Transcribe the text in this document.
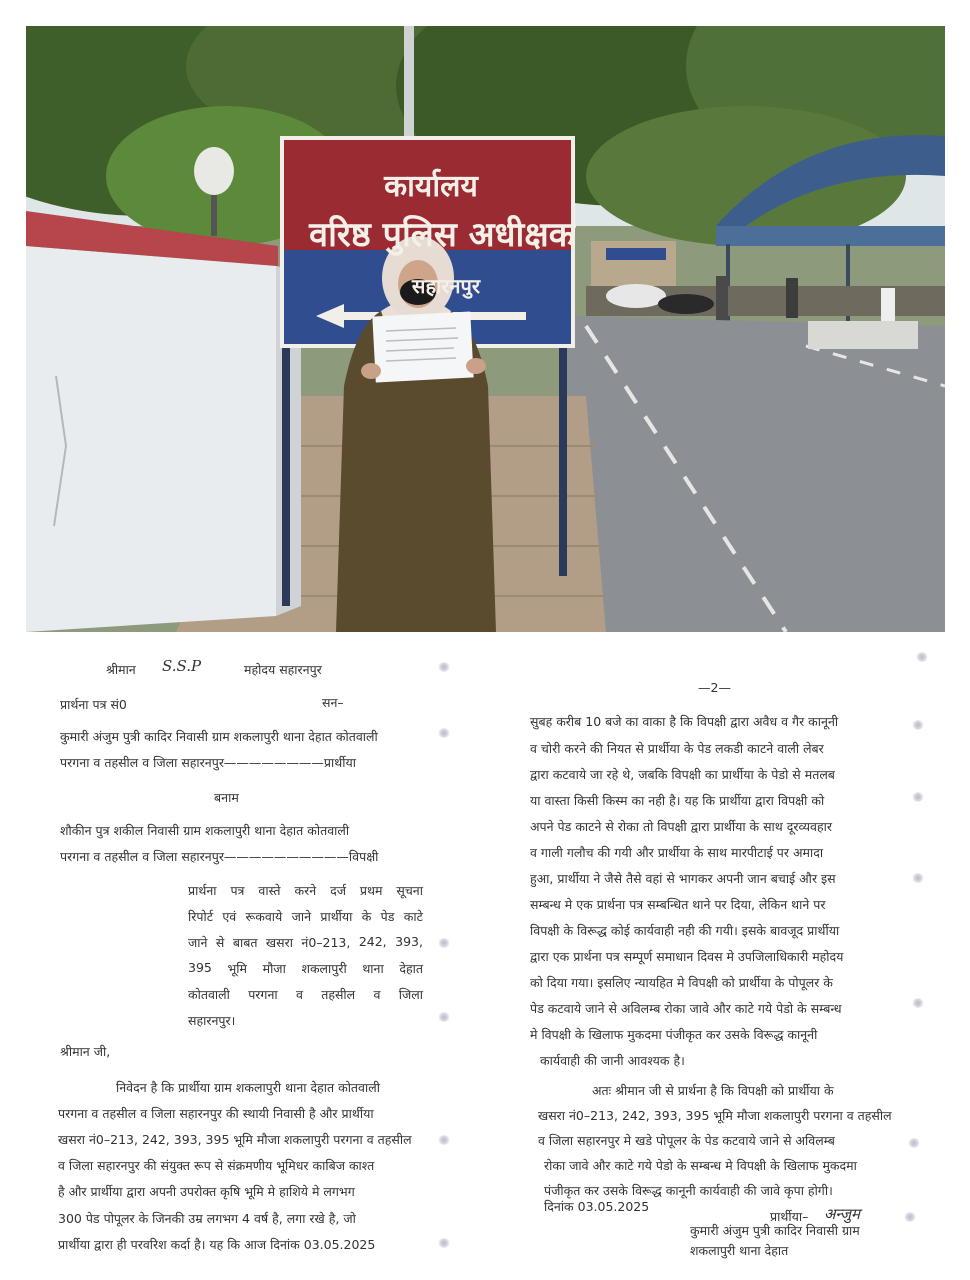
कार्यालय
वरिष्ठ पुलिस अधीक्षक
सहारनपुर
श्रीमान S.S.P	महोदय सहारनपुर
प्रार्थना पत्र सं0	सन–
कुमारी अंजुम पुत्री कादिर निवासी ग्राम शकलापुरी थाना देहात कोतवाली
परगना व तहसील व जिला सहारनपुर————————प्रार्थीया
बनाम
शौकीन पुत्र शकील निवासी ग्राम शकलापुरी थाना देहात कोतवाली
परगना व तहसील व जिला सहारनपुर——————————विपक्षी
प्रार्थना पत्र वास्ते करने दर्ज प्रथम सूचना
रिपोर्ट एवं रूकवाये जाने प्रार्थीया के पेड काटे
जाने से बाबत खसरा नं0–213, 242, 393,
395 भूमि मौजा शकलापुरी थाना देहात
कोतवाली परगना व तहसील व जिला
सहारनपुर।
श्रीमान जी,
निवेदन है कि प्रार्थीया ग्राम शकलापुरी थाना देहात कोतवाली
परगना व तहसील व जिला सहारनपुर की स्थायी निवासी है और प्रार्थीया
खसरा नं0–213, 242, 393, 395 भूमि मौजा शकलापुरी परगना व तहसील
व जिला सहारनपुर की संयुक्त रूप से संक्रमणीय भूमिधर काबिज काश्त
है और प्रार्थीया द्वारा अपनी उपरोक्त कृषि भूमि मे हाशिये मे लगभग
300 पेड पोपूलर के जिनकी उम्र लगभग 4 वर्ष है, लगा रखे है, जो
प्रार्थीया द्वारा ही परवरिश कर्दा है। यह कि आज दिनांक 03.05.2025
—2—
सुबह करीब 10 बजे का वाका है कि विपक्षी द्वारा अवैध व गैर कानूनी
व चोरी करने की नियत से प्रार्थीया के पेड लकडी काटने वाली लेबर
द्वारा कटवाये जा रहे थे, जबकि विपक्षी का प्रार्थीया के पेडो से मतलब
या वास्ता किसी किस्म का नही है। यह कि प्रार्थीया द्वारा विपक्षी को
अपने पेड काटने से रोका तो विपक्षी द्वारा प्रार्थीया के साथ दूरव्यवहार
व गाली गलौच की गयी और प्रार्थीया के साथ मारपीटाई पर अमादा
हुआ, प्रार्थीया ने जैसे तैसे वहां से भागकर अपनी जान बचाई और इस
सम्बन्ध मे एक प्रार्थना पत्र सम्बन्धित थाने पर दिया, लेकिन थाने पर
विपक्षी के विरूद्ध कोई कार्यवाही नही की गयी। इसके बावजूद प्रार्थीया
द्वारा एक प्रार्थना पत्र सम्पूर्ण समाधान दिवस मे उपजिलाधिकारी महोदय
को दिया गया। इसलिए न्यायहित मे विपक्षी को प्रार्थीया के पोपूलर के
पेड कटवाये जाने से अविलम्ब रोका जावे और काटे गये पेडो के सम्बन्ध
मे विपक्षी के खिलाफ मुकदमा पंजीकृत कर उसके विरूद्ध कानूनी
कार्यवाही की जानी आवश्यक है।
अतः श्रीमान जी से प्रार्थना है कि विपक्षी को प्रार्थीया के
खसरा नं0–213, 242, 393, 395 भूमि मौजा शकलापुरी परगना व तहसील
व जिला सहारनपुर मे खडे पोपूलर के पेड कटवाये जाने से अविलम्ब
रोका जावे और काटे गये पेडो के सम्बन्ध मे विपक्षी के खिलाफ मुकदमा
पंजीकृत कर उसके विरूद्ध कानूनी कार्यवाही की जावे कृपा होगी।
प्रार्थीया– अन्जुम
दिनांक 03.05.2025
कुमारी अंजुम पुत्री कादिर निवासी ग्राम
शकलापुरी थाना देहात
